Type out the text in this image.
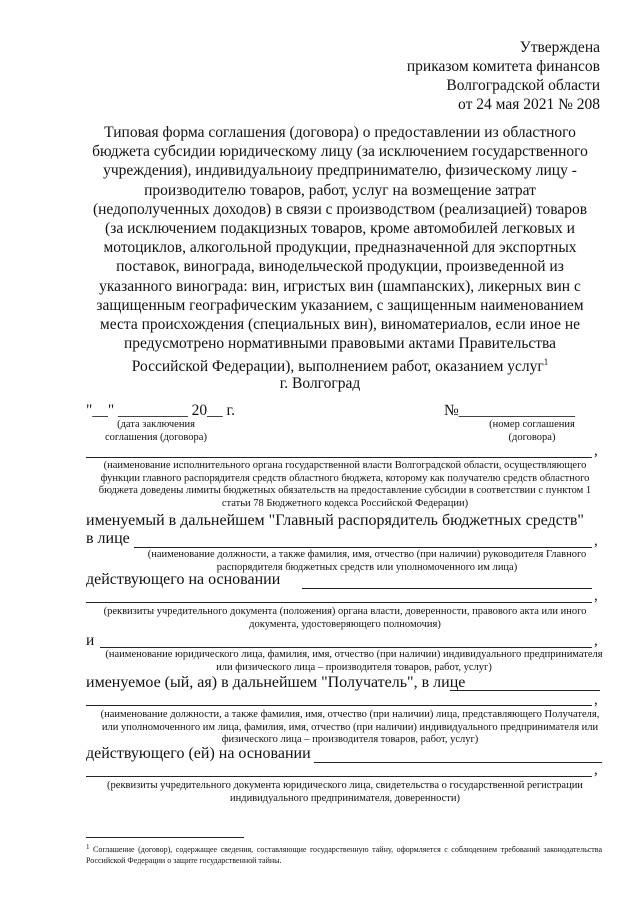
Утверждена
приказом комитета финансов
Волгоградской области
от 24 мая 2021 № 208
Типовая форма соглашения (договора) о предоставлении из областного бюджета субсидии юридическому лицу (за исключением государственного учреждения), индивидуальноиу предпринимателю, физическому лицу - производителю товаров, работ, услуг на возмещение затрат (недополученных доходов) в связи с производством (реализацией) товаров (за исключением подакцизных товаров, кроме автомобилей легковых и мотоциклов, алкогольной продукции, предназначенной для экспортных поставок, винограда, винодельческой продукции, произведенной из указанного винограда: вин, игристых вин (шампанских), ликерных вин с защищенным географическим указанием, с защищенным наименованием места происхождения (специальных вин), виноматериалов, если иное не предусмотрено нормативными правовыми актами Правительства Российской Федерации), выполнением работ, оказанием услуг$^1$
г. Волгоград
"__" _________ 20__ г.
(дата заключения
соглашения (договора)
№_______________
(номер соглашения
(договора)
,
(наименование исполнительного органа государственной власти Волгоградской области, осуществляющего функции главного распорядителя средств областного бюджета, которому как получателю средств областного бюджета доведены лимиты бюджетных обязательств на предоставление субсидии в соответствии с пунктом 1 статьи 78 Бюджетного кодекса Российской Федерации)
именуемый в дальнейшем "Главный распорядитель бюджетных средств"
в лице	,
(наименование должности, а также фамилия, имя, отчество (при наличии) руководителя Главного распорядителя бюджетных средств или уполномоченного им лица)
действующего на основании
,
(реквизиты учредительного документа (положения) органа власти, доверенности, правового акта или иного документа, удостоверяющего полномочия)
и	,
(наименование юридического лица, фамилия, имя, отчество (при наличии) индивидуального предпринимателя или физического лица – производителя товаров, работ, услуг)
именуемое (ый, ая) в дальнейшем "Получатель", в лице
,
(наименование должности, а также фамилия, имя, отчество (при наличии) лица, представляющего Получателя, или уполномоченного им лица, фамилия, имя, отчество (при наличии) индивидуального предпринимателя или физического лица – производителя товаров, работ, услуг)
действующего (ей) на основании
,
(реквизиты учредительного документа юридического лица, свидетельства о государственной регистрации индивидуального предпринимателя, доверенности)
1 Соглашение (договор), содержащее сведения, составляющие государственную тайну, оформляется с соблюдением требований законодательства Российской Федерации о защите государственной тайны.
